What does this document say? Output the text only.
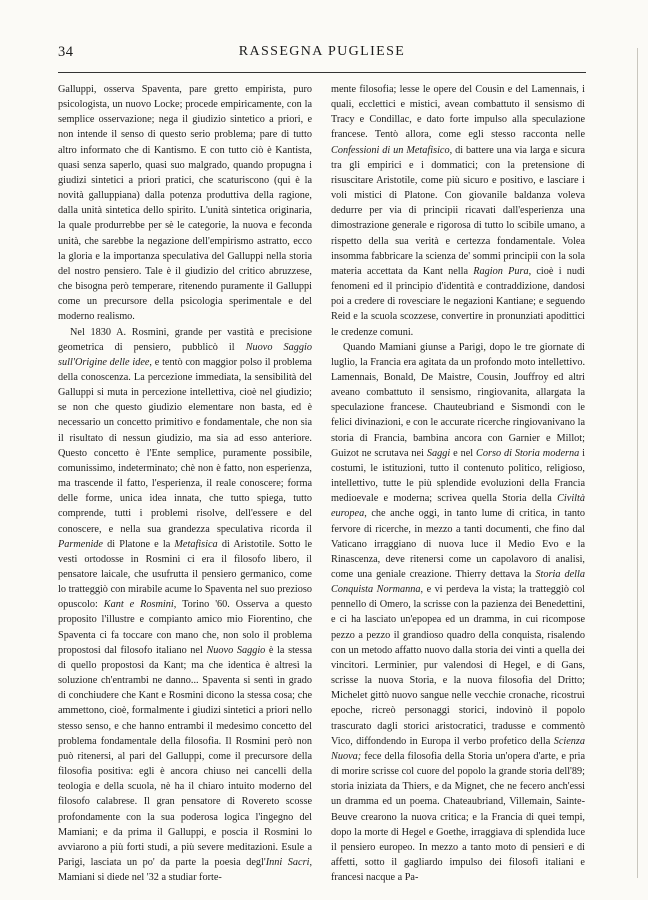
34	RASSEGNA PUGLIESE

Galluppi, osserva Spaventa, pare gretto empirista, puro psicologista, un nuovo Locke; procede empiricamente, con la semplice osservazione; nega il giudizio sintetico a priori, e non intende il senso di questo serio problema; pare di tutto altro informato che di Kantismo. E con tutto ciò è Kantista, quasi senza saperlo, quasi suo malgrado, quando propugna i giudizi sintetici a priori pratici, che scaturiscono (qui è la novità galluppiana) dalla potenza produttiva della ragione, dalla unità sintetica dello spirito. L'unità sintetica originaria, la quale produrrebbe per sè le categorie, la nuova e feconda unità, che sarebbe la negazione dell'empirismo astratto, ecco la gloria e la importanza speculativa del Galluppi nella storia del nostro pensiero. Tale è il giudizio del critico abruzzese, che bisogna però temperare, ritenendo puramente il Galluppi come un precursore della psicologia sperimentale e del moderno realismo.

Nel 1830 A. Rosmini, grande per vastità e precisione geometrica di pensiero, pubblicò il Nuovo Saggio sull'Origine delle idee, e tentò con maggior polso il problema della conoscenza. La percezione immediata, la sensibilità del Galluppi si muta in percezione intellettiva, cioè nel giudizio; se non che questo giudizio elementare non basta, ed è necessario un concetto primitivo e fondamentale, che non sia il risultato di nessun giudizio, ma sia ad esso anteriore. Questo concetto è l'Ente semplice, puramente possibile, comunissimo, indeterminato; chè non è fatto, non esperienza, ma trascende il fatto, l'esperienza, il reale conoscere; forma delle forme, unica idea innata, che tutto spiega, tutto comprende, tutti i problemi risolve, dell'essere e del conoscere, e nella sua grandezza speculativa ricorda il Parmenide di Platone e la Metafisica di Aristotile. Sotto le vesti ortodosse in Rosmini ci era il filosofo libero, il pensatore laicale, che usufrutta il pensiero germanico, come lo tratteggiò con mirabile acume lo Spaventa nel suo prezioso opuscolo: Kant e Rosmini, Torino '60. Osserva a questo proposito l'illustre e compianto amico mio Fiorentino, che Spaventa ci fa toccare con mano che, non solo il problema propostosi dal filosofo italiano nel Nuovo Saggio è la stessa di quello propostosi da Kant; ma che identica è altresì la soluzione ch'entrambi ne danno... Spaventa si sentì in grado di conchiudere che Kant e Rosmini dicono la stessa cosa; che ammettono, cioè, formalmente i giudizi sintetici a priori nello stesso senso, e che hanno entrambi il medesimo concetto del problema fondamentale della filosofia. Il Rosmini però non può ritenersi, al pari del Galluppi, come il precursore della filosofia positiva: egli è ancora chiuso nei cancelli della teologia e della scuola, nè ha il chiaro intuito moderno del filosofo calabrese. Il gran pensatore di Rovereto scosse profondamente con la sua poderosa logica l'ingegno del Mamiani; e da prima il Galluppi, e poscia il Rosmini lo avviarono a più forti studi, a più severe meditazioni. Esule a Parigi, lasciata un po' da parte la poesia degl'Inni Sacri, Mamiani si diede nel '32 a studiar forte-

mente filosofia; lesse le opere del Cousin e del Lamennais, i quali, ecclettici e mistici, avean combattuto il sensismo di Tracy e Condillac, e dato forte impulso alla speculazione francese. Tentò allora, come egli stesso racconta nelle Confessioni di un Metafisico, di battere una via larga e sicura tra gli empirici e i dommatici; con la pretensione di risuscitare Aristotile, come più sicuro e positivo, e lasciare i voli mistici di Platone. Con giovanile baldanza voleva dedurre per via di principii ricavati dall'esperienza una dimostrazione generale e rigorosa di tutto lo scibile umano, a rispetto della sua verità e certezza fondamentale. Volea insomma fabbricare la scienza de' sommi principii con la sola materia accettata da Kant nella Ragion Pura, cioè i nudi fenomeni ed il principio d'identità e contraddizione, dandosi poi a credere di rovesciare le negazioni Kantiane; e seguendo Reid e la scuola scozzese, convertire in pronunziati apodittici le credenze comuni.

Quando Mamiani giunse a Parigi, dopo le tre giornate di luglio, la Francia era agitata da un profondo moto intellettivo. Lamennais, Bonald, De Maistre, Cousin, Jouffroy ed altri aveano combattuto il sensismo, ringiovanita, allargata la speculazione francese. Chauteubriand e Sismondi con le felici divinazioni, e con le accurate ricerche ringiovanivano la storia di Francia, bambina ancora con Garnier e Millot; Guizot ne scrutava nei Saggi e nel Corso di Storia moderna i costumi, le istituzioni, tutto il contenuto politico, religioso, intellettivo, tutte le più splendide evoluzioni della Francia medioevale e moderna; scrivea quella Storia della Civiltà europea, che anche oggi, in tanto lume di critica, in tanto fervore di ricerche, in mezzo a tanti documenti, che fino dal Vaticano irraggiano di nuova luce il Medio Evo e la Rinascenza, deve ritenersi come un capolavoro di analisi, come una geniale creazione. Thierry dettava la Storia della Conquista Normanna, e vi perdeva la vista; la tratteggiò col pennello di Omero, la scrisse con la pazienza dei Benedettini, e ci ha lasciato un'epopea ed un dramma, in cui ricompose pezzo a pezzo il grandioso quadro della conquista, risalendo con un metodo affatto nuovo dalla storia dei vinti a quella dei vincitori. Lerminier, pur valendosi di Hegel, e di Gans, scrisse la nuova Storia, e la nuova filosofia del Dritto; Michelet gittò nuovo sangue nelle vecchie cronache, ricostruì epoche, ricreò personaggi storici, indovinò il popolo trascurato dagli storici aristocratici, tradusse e commentò Vico, diffondendo in Europa il verbo profetico della Scienza Nuova; fece della filosofia della Storia un'opera d'arte, e pria di morire scrisse col cuore del popolo la grande storia dell'89; storia iniziata da Thiers, e da Mignet, che ne fecero anch'essi un dramma ed un poema. Chateaubriand, Villemain, Sainte-Beuve crearono la nuova critica; e la Francia di quei tempi, dopo la morte di Hegel e Goethe, irraggiava di splendida luce il pensiero europeo. In mezzo a tanto moto di pensieri e di affetti, sotto il gagliardo impulso dei filosofi italiani e francesi nacque a Pa-
